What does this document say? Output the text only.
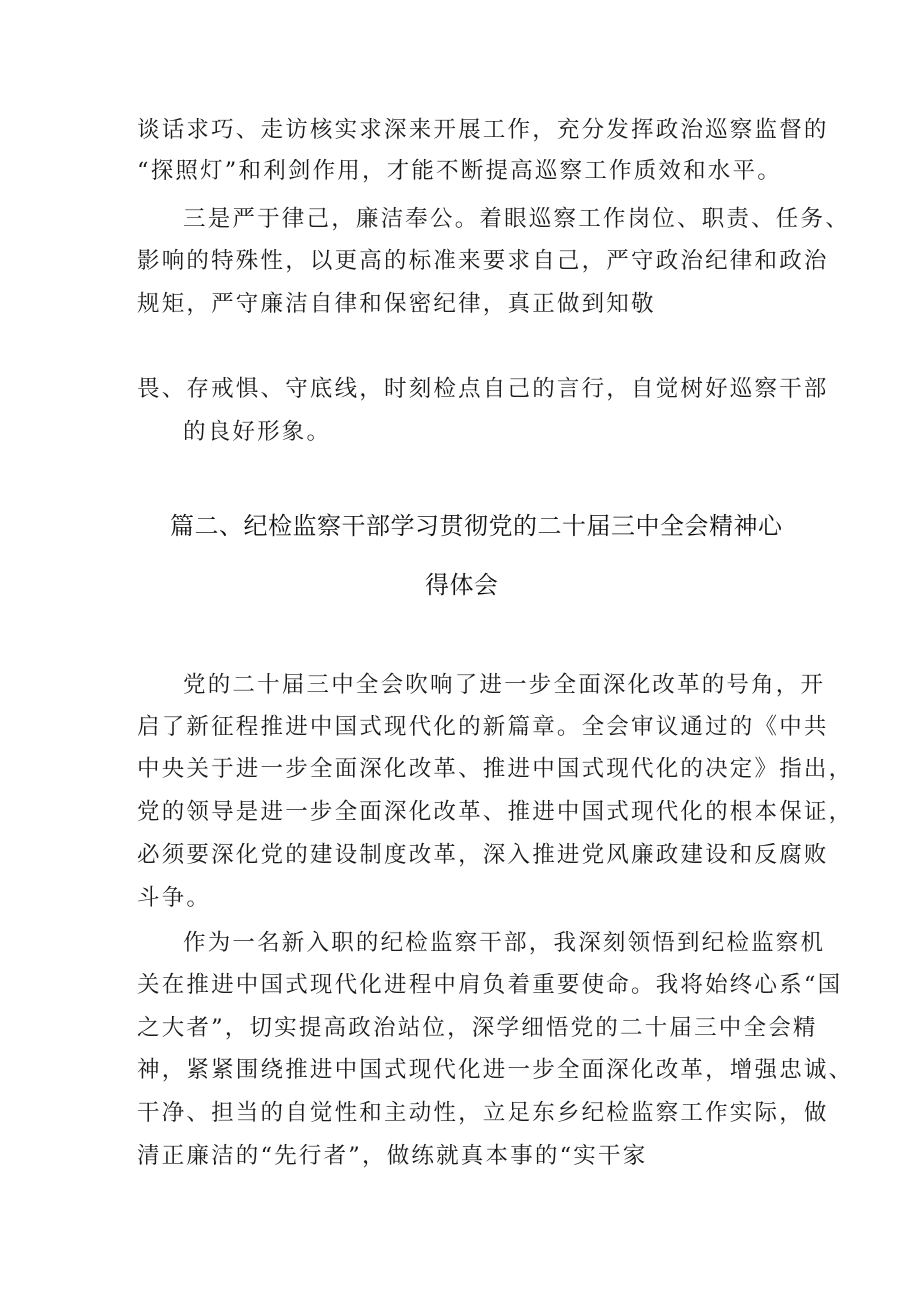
谈话求巧、走访核实求深来开展工作，充分发挥政治巡察监督的
“探照灯”和利剑作用，才能不断提高巡察工作质效和水平。
三是严于律己，廉洁奉公。着眼巡察工作岗位、职责、任务、
影响的特殊性，以更高的标准来要求自己，严守政治纪律和政治
规矩，严守廉洁自律和保密纪律，真正做到知敬
畏、存戒惧、守底线，时刻检点自己的言行，自觉树好巡察干部
的良好形象。
篇二、纪检监察干部学习贯彻党的二十届三中全会精神心
得体会
党的二十届三中全会吹响了进一步全面深化改革的号角，开
启了新征程推进中国式现代化的新篇章。全会审议通过的《中共
中央关于进一步全面深化改革、推进中国式现代化的决定》指出，
党的领导是进一步全面深化改革、推进中国式现代化的根本保证，
必须要深化党的建设制度改革，深入推进党风廉政建设和反腐败
斗争。
作为一名新入职的纪检监察干部，我深刻领悟到纪检监察机
关在推进中国式现代化进程中肩负着重要使命。我将始终心系“国
之大者”，切实提高政治站位，深学细悟党的二十届三中全会精
神，紧紧围绕推进中国式现代化进一步全面深化改革，增强忠诚、
干净、担当的自觉性和主动性，立足东乡纪检监察工作实际，做
清正廉洁的“先行者”，做练就真本事的“实干家
